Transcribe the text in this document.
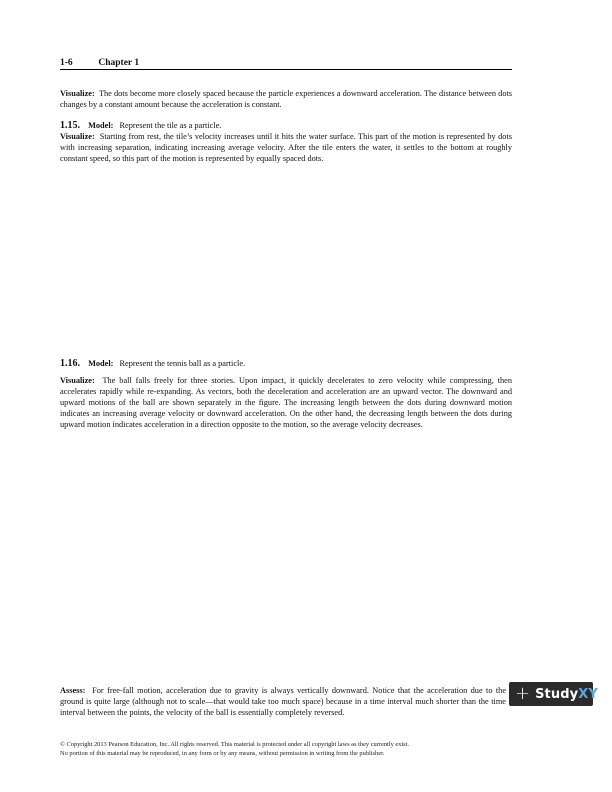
1-6	Chapter 1

Visualize: The dots become more closely spaced because the particle experiences a downward acceleration. The distance between dots changes by a constant amount because the acceleration is constant.

1.15. Model: Represent the tile as a particle.

Visualize: Starting from rest, the tile’s velocity increases until it hits the water surface. This part of the motion is represented by dots with increasing separation, indicating increasing average velocity. After the tile enters the water, it settles to the bottom at roughly constant speed, so this part of the motion is represented by equally spaced dots.

1.16. Model: Represent the tennis ball as a particle.

Visualize: The ball falls freely for three stories. Upon impact, it quickly decelerates to zero velocity while compressing, then accelerates rapidly while re-expanding. As vectors, both the deceleration and acceleration are an upward vector. The downward and upward motions of the ball are shown separately in the figure. The increasing length between the dots during downward motion indicates an increasing average velocity or downward acceleration. On the other hand, the decreasing length between the dots during upward motion indicates acceleration in a direction opposite to the motion, so the average velocity decreases.

Assess: For free-fall motion, acceleration due to gravity is always vertically downward. Notice that the acceleration due to the ground is quite large (although not to scale—that would take too much space) because in a time interval much shorter than the time interval between the points, the velocity of the ball is essentially completely reversed.

© Copyright 2013 Pearson Education, Inc. All rights reserved. This material is protected under all copyright laws as they currently exist.
No portion of this material may be reproduced, in any form or by any means, without permission in writing from the publisher.
+ StudyXY
